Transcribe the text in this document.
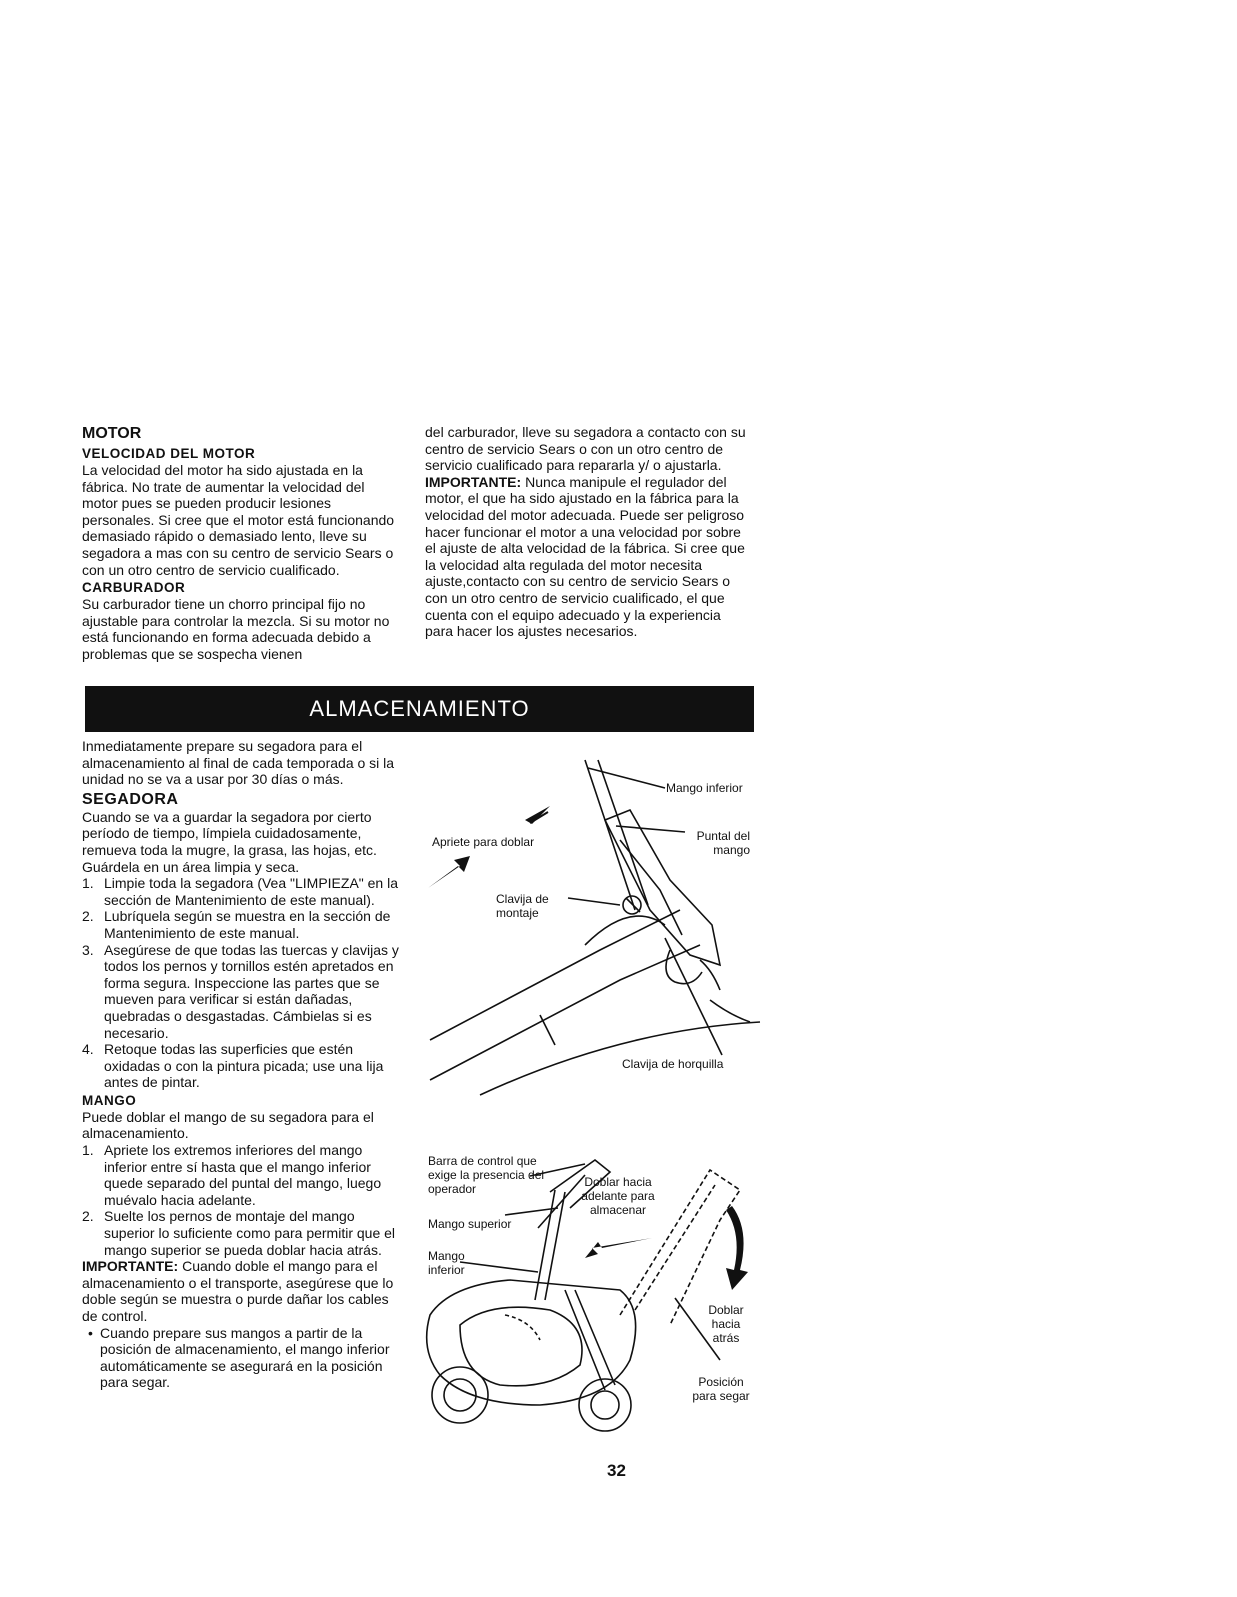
MOTOR
VELOCIDAD DEL MOTOR

La velocidad del motor ha sido ajustada en la fábrica. No trate de aumentar la velocidad del motor pues se pueden producir lesiones personales. Si cree que el motor está funcionando demasiado rápido o demasiado lento, lleve su segadora a mas con su centro de servicio Sears o con un otro centro de servicio cualificado.

CARBURADOR

Su carburador tiene un chorro principal fijo no ajustable para controlar la mezcla. Si su motor no está funcionando en forma adecuada debido a problemas que se sospecha vienen

del carburador, lleve su segadora a contacto con su centro de servicio Sears o con un otro centro de servicio cualificado para repararla y/ o ajustarla.

IMPORTANTE: Nunca manipule el regulador del motor, el que ha sido ajustado en la fábrica para la velocidad del motor adecuada. Puede ser peligroso hacer funcionar el motor a una velocidad por sobre el ajuste de alta velocidad de la fábrica. Si cree que la velocidad alta regulada del motor necesita ajuste,contacto con su centro de servicio Sears o con un otro centro de servicio cualificado, el que cuenta con el equipo adecuado y la experiencia para hacer los ajustes necesarios.

ALMACENAMIENTO

Inmediatamente prepare su segadora para el almacenamiento al final de cada temporada o si la unidad no se va a usar por 30 días o más.

SEGADORA

Cuando se va a guardar la segadora por cierto período de tiempo, límpiela cuidadosamente, remueva toda la mugre, la grasa, las hojas, etc. Guárdela en un área limpia y seca.

1. Limpie toda la segadora (Vea "LIMPIEZA" en la sección de Mantenimiento de este manual).
2. Lubríquela según se muestra en la sección de Mantenimiento de este manual.
3. Asegúrese de que todas las tuercas y clavijas y todos los pernos y tornillos estén apretados en forma segura. Inspeccione las partes que se mueven para verificar si están dañadas, quebradas o desgastadas. Cámbielas si es necesario.
4. Retoque todas las superficies que estén oxidadas o con la pintura picada; use una lija antes de pintar.
MANGO

Puede doblar el mango de su segadora para el almacenamiento.

1. Apriete los extremos inferiores del mango inferior entre sí hasta que el mango inferior quede separado del puntal del mango, luego muévalo hacia adelante.
2. Suelte los pernos de montaje del mango superior lo suficiente como para permitir que el mango superior se pueda doblar hacia atrás.

IMPORTANTE: Cuando doble el mango para el almacenamiento o el transporte, asegúrese que lo doble según se muestra o purde dañar los cables de control.

• Cuando prepare sus mangos a partir de la posición de almacenamiento, el mango inferior automáticamente se asegurará en la posición para segar.
Mango inferior
Apriete para doblar	Puntal del mango
Clavija de montaje
Clavija de horquilla
Barra de control que exige la presencia del operador
Mango superior
Mango inferior
Doblar hacia adelante para almacenar
Doblar hacia atrás
Posición para segar
32
